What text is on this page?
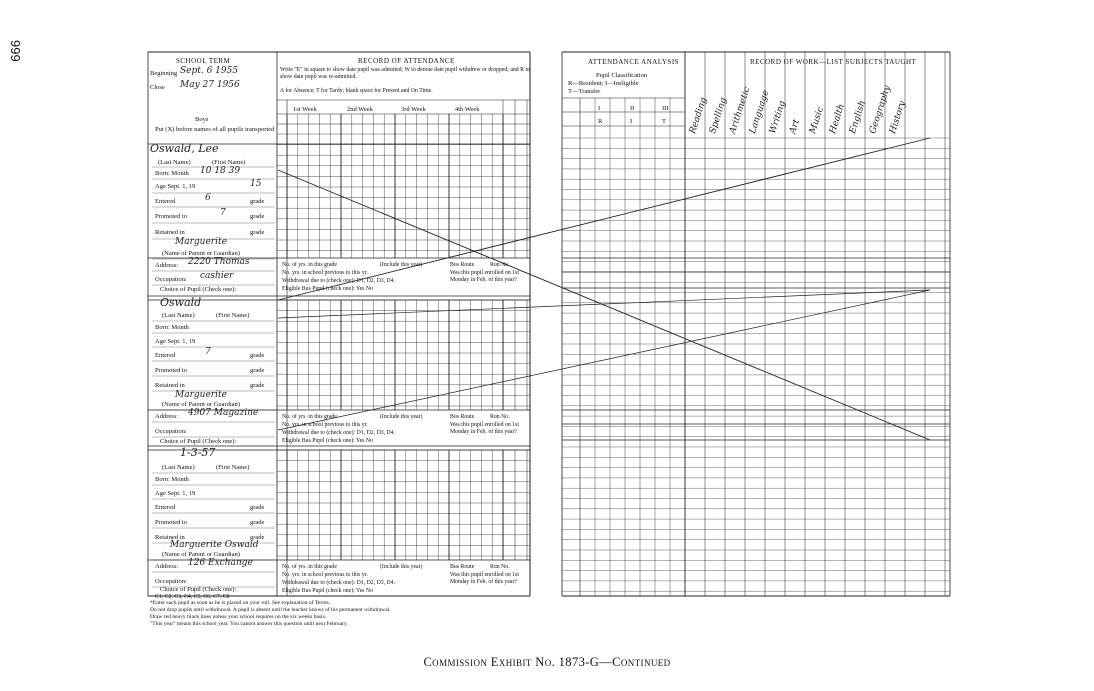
666	SCHOOL TERM
Beginning Sept. 6 1955
Close May 27 1956
Boys
Put (X) before names of all pupils transported
RECORD OF ATTENDANCE
Write "E" in square to show date pupil was admitted; W to denote date pupil withdrew or dropped; and R to show date pupil was re-admitted.
A for Absence; T for Tardy; blank space for Present and On Time.
1st Week	2nd Week	3rd Week	4th Week
Oswald, Lee
(Last Name)	(First Name)
Born: Month 10 18 39
Age Sept. 1, 19	15
Entered	6	grade
Promoted to	7	grade
Retained in	grade
Marguerite
(Name of Parent or Guardian)
Address: 2220 Thomas
Occupation: cashier
Choice of Pupil (Check one):
No. of yrs. in this grade	(Include this year)
No. yrs. in school previous to this yr.
Withdrawal due to (check one): D1, D2, D3, D4.
Eligible Bus Pupil (check one): Yes No
Bus Route	Run No.
Was this pupil enrolled on 1st Monday in Feb. of this year?
Oswald
(Last Name)	(First Name)
Born: Month
Age Sept. 1, 19
Entered	7	grade
Promoted to	grade
Retained in	grade
Marguerite
(Name of Parent or Guardian)
Address: 4907 Magazine
Occupation:
Choice of Pupil (Check one):
No. of yrs. in this grade	(Include this year)
No. yrs. in school previous to this yr.
Withdrawal due to (check one): D1, D2, D3, D4.
Eligible Bus Pupil (check one): Yes No
Bus Route	Run No.
Was this pupil enrolled on 1st Monday in Feb. of this year?
1-3-57
(Last Name)	(First Name)
Born: Month
Age Sept. 1, 19
Entered	grade
Promoted to	grade
Retained in	grade
Marguerite Oswald
(Name of Parent or Guardian)
Address: 126 Exchange
Occupation:
Choice of Pupil (Check one):
C1, C2, C3, C4, C5, C6, C7, C8
No. of yrs. in this grade	(Include this year)
No. yrs. in school previous to this yr.
Withdrawal due to (check one): D1, D2, D3, D4.
Eligible Bus Pupil (check one): Yes No
Bus Route	Run No.
Was this pupil enrolled on 1st Monday in Feb. of this year?
ATTENDANCE ANALYSIS
Pupil Classification
R—Resident; I—Ineligible
T—Transfer
I	II	III
R	I	T
RECORD OF WORK—LIST SUBJECTS TAUGHT
Reading
Spelling
Arithmetic
Language
Writing Art Music Health English Geography
History
*Enter each pupil as soon as he is placed on your roll. See explanation of Terms.
Do not drop pupils until withdrawal. A pupil is absent until the teacher knows of his permanent withdrawal.
Draw red heavy black lines unless your school requires on the six weeks basis.
"This year" means this school year. You cannot answer this question until next February.
Commission Exhibit No. 1873-G—Continued
